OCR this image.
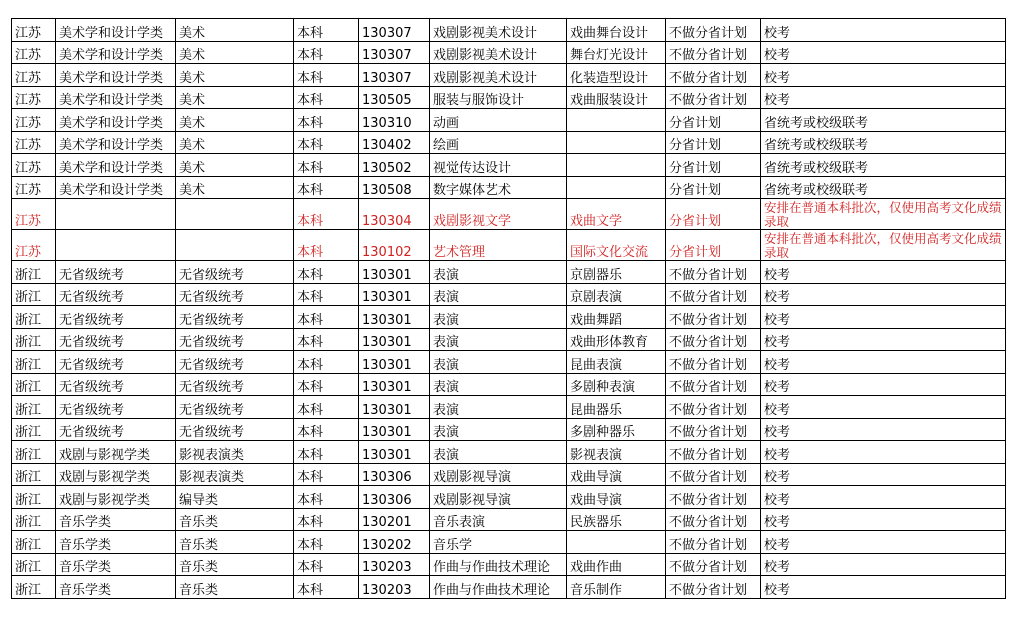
江苏	美术学和设计学类	美术	本科	130307	戏剧影视美术设计	戏曲舞台设计	不做分省计划	校考
江苏	美术学和设计学类	美术	本科	130307	戏剧影视美术设计	舞台灯光设计	不做分省计划	校考
江苏	美术学和设计学类	美术	本科	130307	戏剧影视美术设计	化装造型设计	不做分省计划	校考
江苏	美术学和设计学类	美术	本科	130505	服装与服饰设计	戏曲服装设计	不做分省计划	校考
江苏	美术学和设计学类	美术	本科	130310	动画		分省计划	省统考或校级联考
江苏	美术学和设计学类	美术	本科	130402	绘画		分省计划	省统考或校级联考
江苏	美术学和设计学类	美术	本科	130502	视觉传达设计		分省计划	省统考或校级联考
江苏	美术学和设计学类	美术	本科	130508	数字媒体艺术		分省计划	省统考或校级联考
江苏			本科	130304	戏剧影视文学	戏曲文学	分省计划	安排在普通本科批次，仅使用高考文化成绩录取
江苏			本科	130102	艺术管理	国际文化交流	分省计划	安排在普通本科批次，仅使用高考文化成绩录取
浙江	无省级统考	无省级统考	本科	130301	表演	京剧器乐	不做分省计划	校考
浙江	无省级统考	无省级统考	本科	130301	表演	京剧表演	不做分省计划	校考
浙江	无省级统考	无省级统考	本科	130301	表演	戏曲舞蹈	不做分省计划	校考
浙江	无省级统考	无省级统考	本科	130301	表演	戏曲形体教育	不做分省计划	校考
浙江	无省级统考	无省级统考	本科	130301	表演	昆曲表演	不做分省计划	校考
浙江	无省级统考	无省级统考	本科	130301	表演	多剧种表演	不做分省计划	校考
浙江	无省级统考	无省级统考	本科	130301	表演	昆曲器乐	不做分省计划	校考
浙江	无省级统考	无省级统考	本科	130301	表演	多剧种器乐	不做分省计划	校考
浙江	戏剧与影视学类	影视表演类	本科	130301	表演	影视表演	不做分省计划	校考
浙江	戏剧与影视学类	影视表演类	本科	130306	戏剧影视导演	戏曲导演	不做分省计划	校考
浙江	戏剧与影视学类	编导类	本科	130306	戏剧影视导演	戏曲导演	不做分省计划	校考
浙江	音乐学类	音乐类	本科	130201	音乐表演	民族器乐	不做分省计划	校考
浙江	音乐学类	音乐类	本科	130202	音乐学		不做分省计划	校考
浙江	音乐学类	音乐类	本科	130203	作曲与作曲技术理论	戏曲作曲	不做分省计划	校考
浙江	音乐学类	音乐类	本科	130203	作曲与作曲技术理论	音乐制作	不做分省计划	校考
